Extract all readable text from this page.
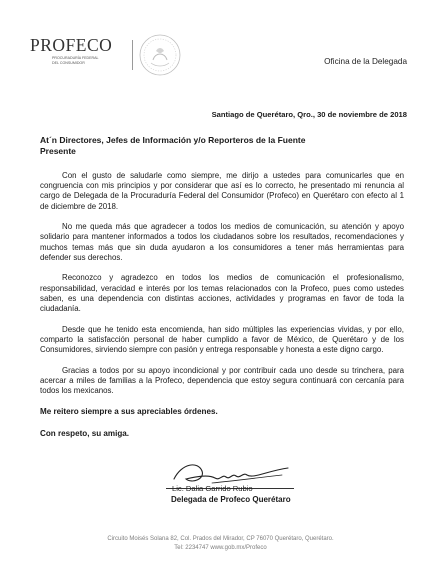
PROFECO
PROCURADURÍA FEDERAL
DEL CONSUMIDOR	Oficina de la Delegada
Santiago de Querétaro, Qro., 30 de noviembre de 2018
At´n Directores, Jefes de Información y/o Reporteros de la Fuente
Presente

Con el gusto de saludarle como siempre, me dirijo a ustedes para comunicarles que en congruencia con mis principios y por considerar que así es lo correcto, he presentado mi renuncia al cargo de Delegada de la Procuraduría Federal del Consumidor (Profeco) en Querétaro con efecto al 1 de diciembre de 2018.

No me queda más que agradecer a todos los medios de comunicación, su atención y apoyo solidario para mantener informados a todos los ciudadanos sobre los resultados, recomendaciones y muchos temas más que sin duda ayudaron a los consumidores a tener más herramientas para defender sus derechos.

Reconozco y agradezco en todos los medios de comunicación el profesionalismo, responsabilidad, veracidad e interés por los temas relacionados con la Profeco, pues como ustedes saben, es una dependencia con distintas acciones, actividades y programas en favor de toda la ciudadanía.

Desde que he tenido esta encomienda, han sido múltiples las experiencias vividas, y por ello, comparto la satisfacción personal de haber cumplido a favor de México, de Querétaro y de los Consumidores, sirviendo siempre con pasión y entrega responsable y honesta a este digno cargo.

Gracias a todos por su apoyo incondicional y por contribuir cada uno desde su trinchera, para acercar a miles de familias a la Profeco, dependencia que estoy segura continuará con cercanía para todos los mexicanos.

Me reitero siempre a sus apreciables órdenes.

Con respeto, su amiga.

Lic. Dalia Garrido Rubio
Delegada de Profeco Querétaro
Circuito Moisés Solana 82, Col. Prados del Mirador, CP 76070 Querétaro, Querétaro.
Tel: 2234747 www.gob.mx/Profeco
